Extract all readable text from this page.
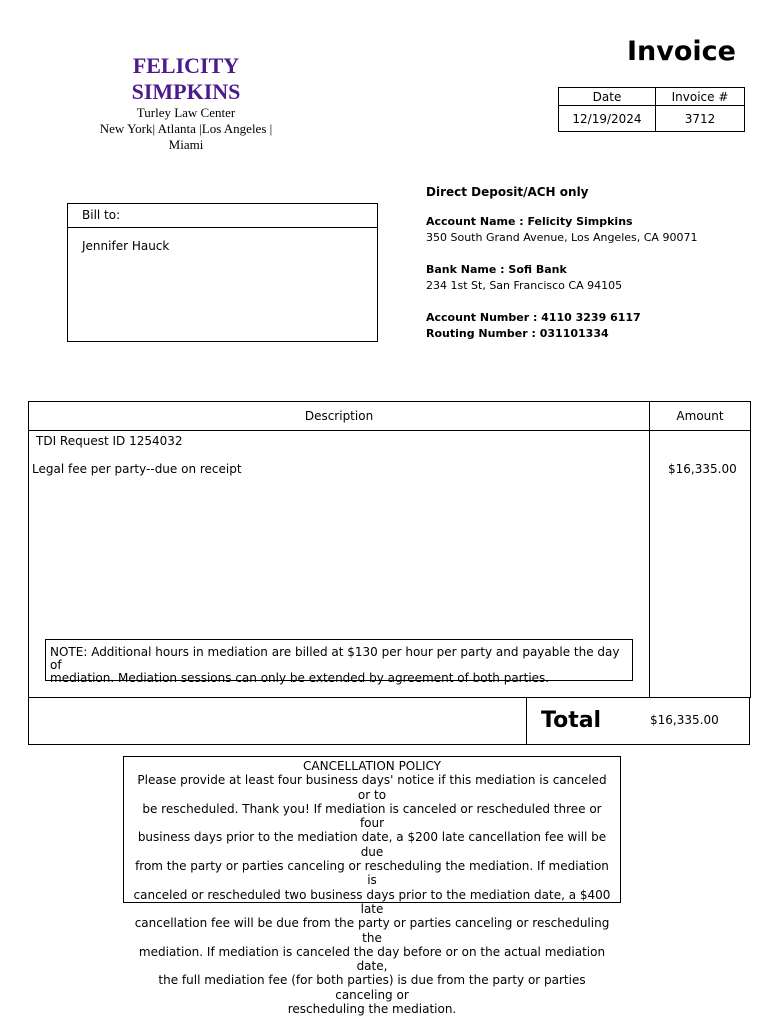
FELICITY
SIMPKINS
Turley Law Center
New York| Atlanta |Los Angeles |
Miami
Invoice
Date	Invoice #
12/19/2024	3712
Bill to:
Jennifer Hauck
Direct Deposit/ACH only
Account Name : Felicity Simpkins
350 South Grand Avenue, Los Angeles, CA 90071
Bank Name : Sofi Bank
234 1st St, San Francisco CA 94105
Account Number : 4110 3239 6117
Routing Number : 031101334
Description	Amount
TDI Request ID 1254032
Legal fee per party--due on receipt	$16,335.00
NOTE: Additional hours in mediation are billed at $130 per hour per party and payable the day of
mediation. Mediation sessions can only be extended by agreement of both parties.
Total	$16,335.00
CANCELLATION POLICY
Please provide at least four business days' notice if this mediation is canceled or to
be rescheduled. Thank you! If mediation is canceled or rescheduled three or four
business days prior to the mediation date, a $200 late cancellation fee will be due
from the party or parties canceling or rescheduling the mediation. If mediation is
canceled or rescheduled two business days prior to the mediation date, a $400 late
cancellation fee will be due from the party or parties canceling or rescheduling the
mediation. If mediation is canceled the day before or on the actual mediation date,
the full mediation fee (for both parties) is due from the party or parties canceling or
rescheduling the mediation.
